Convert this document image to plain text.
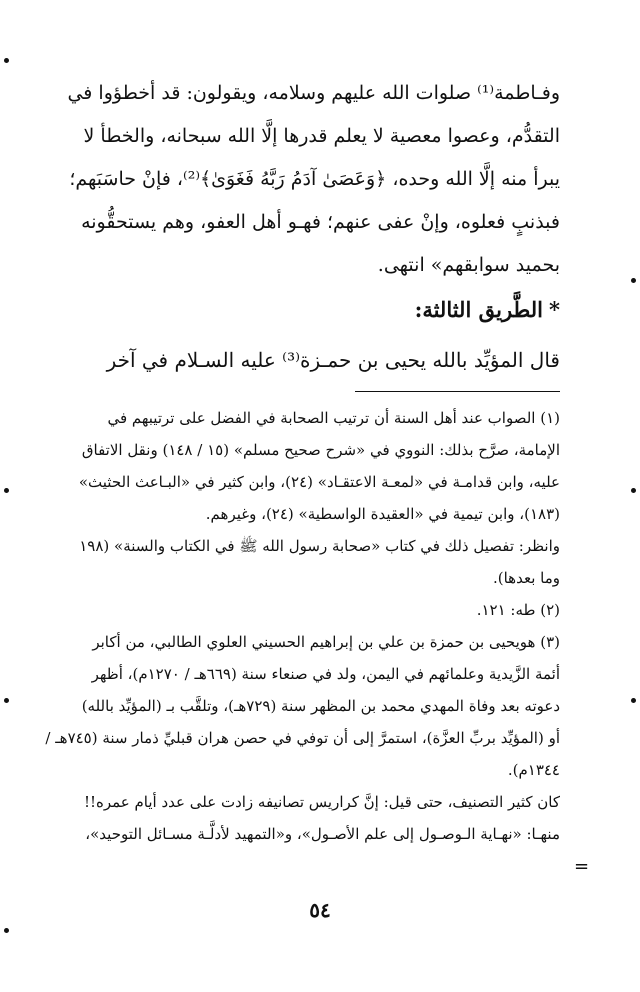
وفـاطمة⁽¹⁾ صلوات الله عليهم وسلامه، ويقولون: قد أخطؤوا في

التقدُّم، وعصوا معصية لا يعلم قدرها إلَّا الله سبحانه، والخطأ لا

يبرأ منه إلَّا الله وحده، ﴿وَعَصَىٰ آدَمُ رَبَّهُ فَغَوَىٰ﴾⁽²⁾، فإنْ حاسَبَهم؛

فبذنبٍ فعلوه، وإنْ عفى عنهم؛ فهـو أهل العفو، وهم يستحقُّونه

بحميد سوابقهم» انتهى.

*الطَّريق الثالثة:

قال المؤيِّد بالله يحيى بن حمـزة⁽³⁾ عليه السـلام في آخر

(١) الصواب عند أهل السنة أن ترتيب الصحابة في الفضل على ترتيبهم في

الإمامة، صرَّح بذلك: النووي في «شرح صحيح مسلم» (١٥ / ١٤٨) ونقل الاتفاق

عليه، وابن قدامـة في «لمعـة الاعتقـاد» (٢٤)، وابن كثير في «البـاعث الحثيث»

(١٨٣)، وابن تيمية في «العقيدة الواسطية» (٢٤)، وغيرهم.

وانظر: تفصيل ذلك في كتاب «صحابة رسول الله ﷺ في الكتاب والسنة» (١٩٨

وما بعدها).

(٢) طه: ١٢١.

(٣) هويحيى بن حمزة بن علي بن إبراهيم الحسيني العلوي الطالبي، من أكابر

أئمة الزَّيدية وعلمائهم في اليمن، ولد في صنعاء سنة (٦٦٩هـ / ١٢٧٠م)، أظهر

دعوته بعد وفاة المهدي محمد بن المظهر سنة (٧٢٩هـ)، وتلقَّب بـ (المؤيِّد بالله)

أو (المؤيِّد بربِّ العزَّة)، استمرَّ إلى أن توفي في حصن هران قبليِّ ذمار سنة (٧٤٥هـ /

١٣٤٤م).

كان كثير التصنيف، حتى قيل: إنَّ كراريس تصانيفه زادت على عدد أيام عمره!!

منهـا: «نهـاية الـوصـول إلى علم الأصـول»، و«التمهيد لأدلَّـة مسـائل التوحيد»،

=
٥٤
